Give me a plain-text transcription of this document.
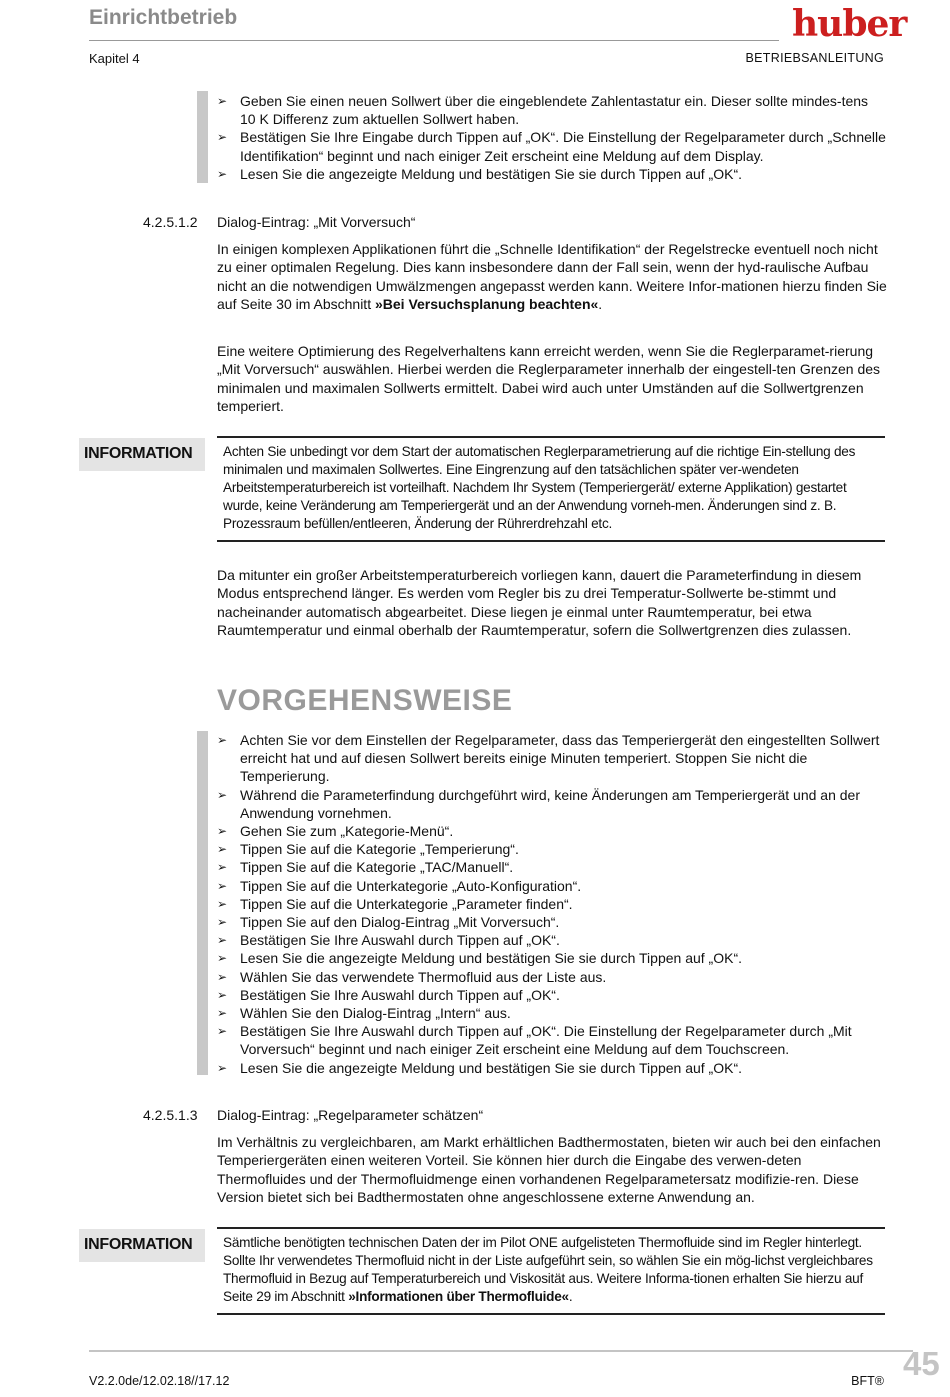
Einrichtbetrieb	huber
Kapitel 4	BETRIEBSANLEITUNG
➢ Geben Sie einen neuen Sollwert über die eingeblendete Zahlentastatur ein. Dieser sollte mindes-tens 10 K Differenz zum aktuellen Sollwert haben.
➢ Bestätigen Sie Ihre Eingabe durch Tippen auf „OK“. Die Einstellung der Regelparameter durch „Schnelle Identifikation“ beginnt und nach einiger Zeit erscheint eine Meldung auf dem Display.
➢ Lesen Sie die angezeigte Meldung und bestätigen Sie sie durch Tippen auf „OK“.
4.2.5.1.2 Dialog-Eintrag: „Mit Vorversuch“
In einigen komplexen Applikationen führt die „Schnelle Identifikation“ der Regelstrecke eventuell noch nicht zu einer optimalen Regelung. Dies kann insbesondere dann der Fall sein, wenn der hyd-raulische Aufbau nicht an die notwendigen Umwälzmengen angepasst werden kann. Weitere Infor-mationen hierzu finden Sie auf Seite 30 im Abschnitt »Bei Versuchsplanung beachten«.
Eine weitere Optimierung des Regelverhaltens kann erreicht werden, wenn Sie die Reglerparamet-rierung „Mit Vorversuch“ auswählen. Hierbei werden die Reglerparameter innerhalb der eingestell-ten Grenzen des minimalen und maximalen Sollwerts ermittelt. Dabei wird auch unter Umständen auf die Sollwertgrenzen temperiert.
INFORMATION	Achten Sie unbedingt vor dem Start der automatischen Reglerparametrierung auf die richtige Ein-stellung des minimalen und maximalen Sollwertes. Eine Eingrenzung auf den tatsächlichen später ver-wendeten Arbeitstemperaturbereich ist vorteilhaft. Nachdem Ihr System (Temperiergerät/ externe Applikation) gestartet wurde, keine Veränderung am Temperiergerät und an der Anwendung vorneh-men. Änderungen sind z. B. Prozessraum befüllen/entleeren, Änderung der Rührerdrehzahl etc.
Da mitunter ein großer Arbeitstemperaturbereich vorliegen kann, dauert die Parameterfindung in diesem Modus entsprechend länger. Es werden vom Regler bis zu drei Temperatur-Sollwerte be-stimmt und nacheinander automatisch abgearbeitet. Diese liegen je einmal unter Raumtemperatur, bei etwa Raumtemperatur und einmal oberhalb der Raumtemperatur, sofern die Sollwertgrenzen dies zulassen.
VORGEHENSWEISE
➢ Achten Sie vor dem Einstellen der Regelparameter, dass das Temperiergerät den eingestellten Sollwert erreicht hat und auf diesen Sollwert bereits einige Minuten temperiert. Stoppen Sie nicht die Temperierung.
➢ Während die Parameterfindung durchgeführt wird, keine Änderungen am Temperiergerät und an der Anwendung vornehmen.
➢ Gehen Sie zum „Kategorie-Menü“.
➢ Tippen Sie auf die Kategorie „Temperierung“.
➢ Tippen Sie auf die Kategorie „TAC/Manuell“.
➢ Tippen Sie auf die Unterkategorie „Auto-Konfiguration“.
➢ Tippen Sie auf die Unterkategorie „Parameter finden“.
➢ Tippen Sie auf den Dialog-Eintrag „Mit Vorversuch“.
➢ Bestätigen Sie Ihre Auswahl durch Tippen auf „OK“.
➢ Lesen Sie die angezeigte Meldung und bestätigen Sie sie durch Tippen auf „OK“.
➢ Wählen Sie das verwendete Thermofluid aus der Liste aus.
➢ Bestätigen Sie Ihre Auswahl durch Tippen auf „OK“.
➢ Wählen Sie den Dialog-Eintrag „Intern“ aus.
➢ Bestätigen Sie Ihre Auswahl durch Tippen auf „OK“. Die Einstellung der Regelparameter durch „Mit Vorversuch“ beginnt und nach einiger Zeit erscheint eine Meldung auf dem Touchscreen.
➢ Lesen Sie die angezeigte Meldung und bestätigen Sie sie durch Tippen auf „OK“.
4.2.5.1.3 Dialog-Eintrag: „Regelparameter schätzen“
Im Verhältnis zu vergleichbaren, am Markt erhältlichen Badthermostaten, bieten wir auch bei den einfachen Temperiergeräten einen weiteren Vorteil. Sie können hier durch die Eingabe des verwen-deten Thermofluides und der Thermofluidmenge einen vorhandenen Regelparametersatz modifizie-ren. Diese Version bietet sich bei Badthermostaten ohne angeschlossene externe Anwendung an.
INFORMATION	Sämtliche benötigten technischen Daten der im Pilot ONE aufgelisteten Thermofluide sind im Regler hinterlegt. Sollte Ihr verwendetes Thermofluid nicht in der Liste aufgeführt sein, so wählen Sie ein mög-lichst vergleichbares Thermofluid in Bezug auf Temperaturbereich und Viskosität aus. Weitere Informa-tionen erhalten Sie hierzu auf Seite 29 im Abschnitt »Informationen über Thermofluide«.
V2.2.0de/12.02.18//17.12	BFT® 45
